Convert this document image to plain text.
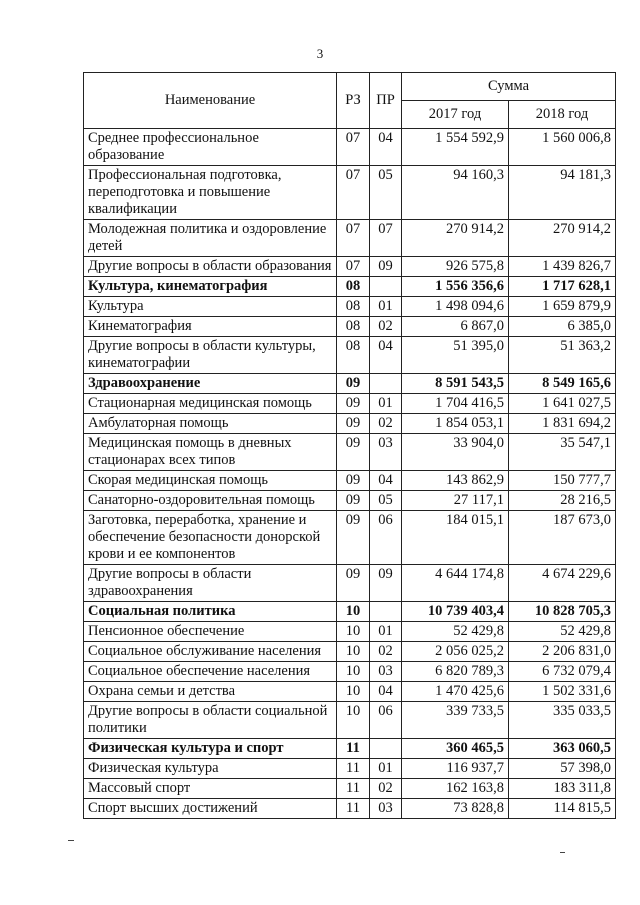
3
Наименование	РЗ	ПР	Сумма	
			2017 год	2018 год
Среднее профессиональное образование	07	04	1 554 592,9	1 560 006,8
Профессиональная подготовка, переподготовка и повышение квалификации	07	05	94 160,3	94 181,3
Молодежная политика и оздоровление детей	07	07	270 914,2	270 914,2
Другие вопросы в области образования	07	09	926 575,8	1 439 826,7
Культура, кинематография	08		1 556 356,6	1 717 628,1
Культура	08	01	1 498 094,6	1 659 879,9
Кинематография	08	02	6 867,0	6 385,0
Другие вопросы в области культуры, кинематографии	08	04	51 395,0	51 363,2
Здравоохранение	09		8 591 543,5	8 549 165,6
Стационарная медицинская помощь	09	01	1 704 416,5	1 641 027,5
Амбулаторная помощь	09	02	1 854 053,1	1 831 694,2
Медицинская помощь в дневных стационарах всех типов	09	03	33 904,0	35 547,1
Скорая медицинская помощь	09	04	143 862,9	150 777,7
Санаторно-оздоровительная помощь	09	05	27 117,1	28 216,5
Заготовка, переработка, хранение и обеспечение безопасности донорской крови и ее компонентов	09	06	184 015,1	187 673,0
Другие вопросы в области здравоохранения	09	09	4 644 174,8	4 674 229,6
Социальная политика	10		10 739 403,4	10 828 705,3
Пенсионное обеспечение	10	01	52 429,8	52 429,8
Социальное обслуживание населения	10	02	2 056 025,2	2 206 831,0
Социальное обеспечение населения	10	03	6 820 789,3	6 732 079,4
Охрана семьи и детства	10	04	1 470 425,6	1 502 331,6
Другие вопросы в области социальной политики	10	06	339 733,5	335 033,5
Физическая культура и спорт	11		360 465,5	363 060,5
Физическая культура	11	01	116 937,7	57 398,0
Массовый спорт	11	02	162 163,8	183 311,8
Спорт высших достижений	11	03	73 828,8	114 815,5
